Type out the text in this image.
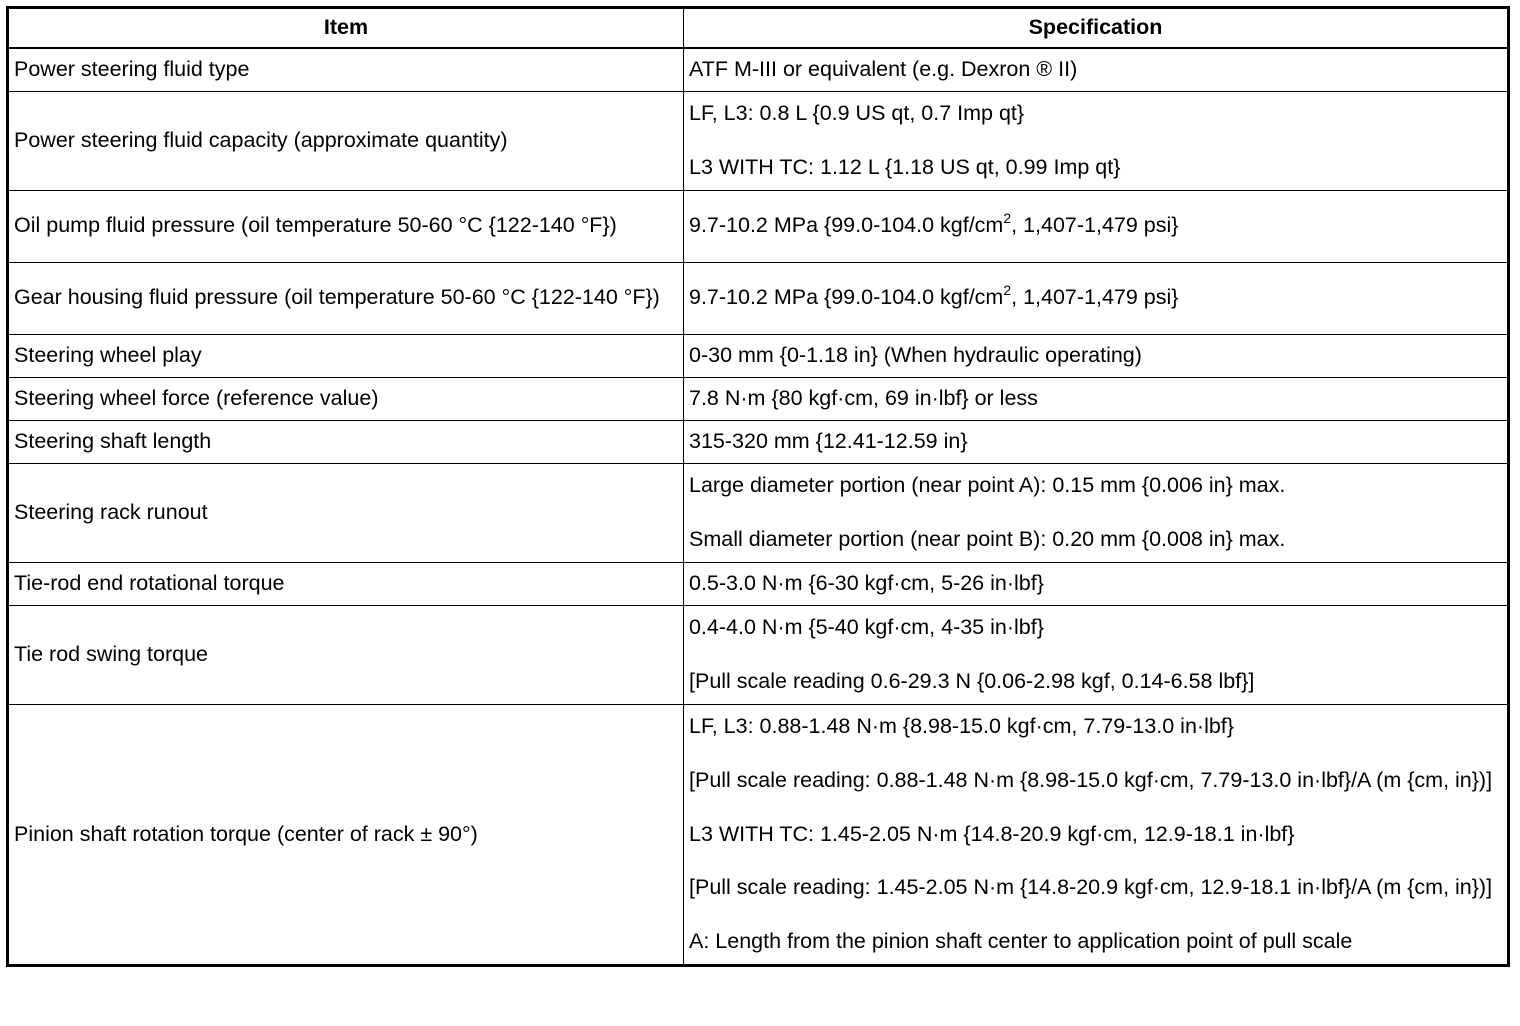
Item	Specification
Power steering fluid type	ATF M-III or equivalent (e.g. Dexron ® II)

Power steering fluid capacity (approximate quantity)	LF, L3: 0.8 L {0.9 US qt, 0.7 Imp qt}
L3 WITH TC: 1.12 L {1.18 US qt, 0.99 Imp qt}

Oil pump fluid pressure (oil temperature 50-60 °C {122-140 °F})	9.7-10.2 MPa {99.0-104.0 kgf/$cm^2$, 1,407-1,479 psi}
Gear housing fluid pressure (oil temperature 50-60 °C {122-140 °F})	9.7-10.2 MPa {99.0-104.0 kgf/$cm^2$, 1,407-1,479 psi}
Steering wheel play	0-30 mm {0-1.18 in} (When hydraulic operating)

Steering wheel force (reference value)	7.8 N·m {80 kgf·cm, 69 in·lbf} or less

Steering shaft length	315-320 mm {12.41-12.59 in}

Steering rack runout	Large diameter portion (near point A): 0.15 mm {0.006 in} max.
Small diameter portion (near point B): 0.20 mm {0.008 in} max.

Tie-rod end rotational torque	0.5-3.0 N·m {6-30 kgf·cm, 5-26 in·lbf}

Tie rod swing torque	0.4-4.0 N·m {5-40 kgf·cm, 4-35 in·lbf}
[Pull scale reading 0.6-29.3 N {0.06-2.98 kgf, 0.14-6.58 lbf}]

Pinion shaft rotation torque (center of rack ± 90°)	LF, L3: 0.88-1.48 N·m {8.98-15.0 kgf·cm, 7.79-13.0 in·lbf}
[Pull scale reading: 0.88-1.48 N·m {8.98-15.0 kgf·cm, 7.79-13.0 in·lbf}/A (m {cm, in})]
L3 WITH TC: 1.45-2.05 N·m {14.8-20.9 kgf·cm, 12.9-18.1 in·lbf}
[Pull scale reading: 1.45-2.05 N·m {14.8-20.9 kgf·cm, 12.9-18.1 in·lbf}/A (m {cm, in})]
A: Length from the pinion shaft center to application point of pull scale
